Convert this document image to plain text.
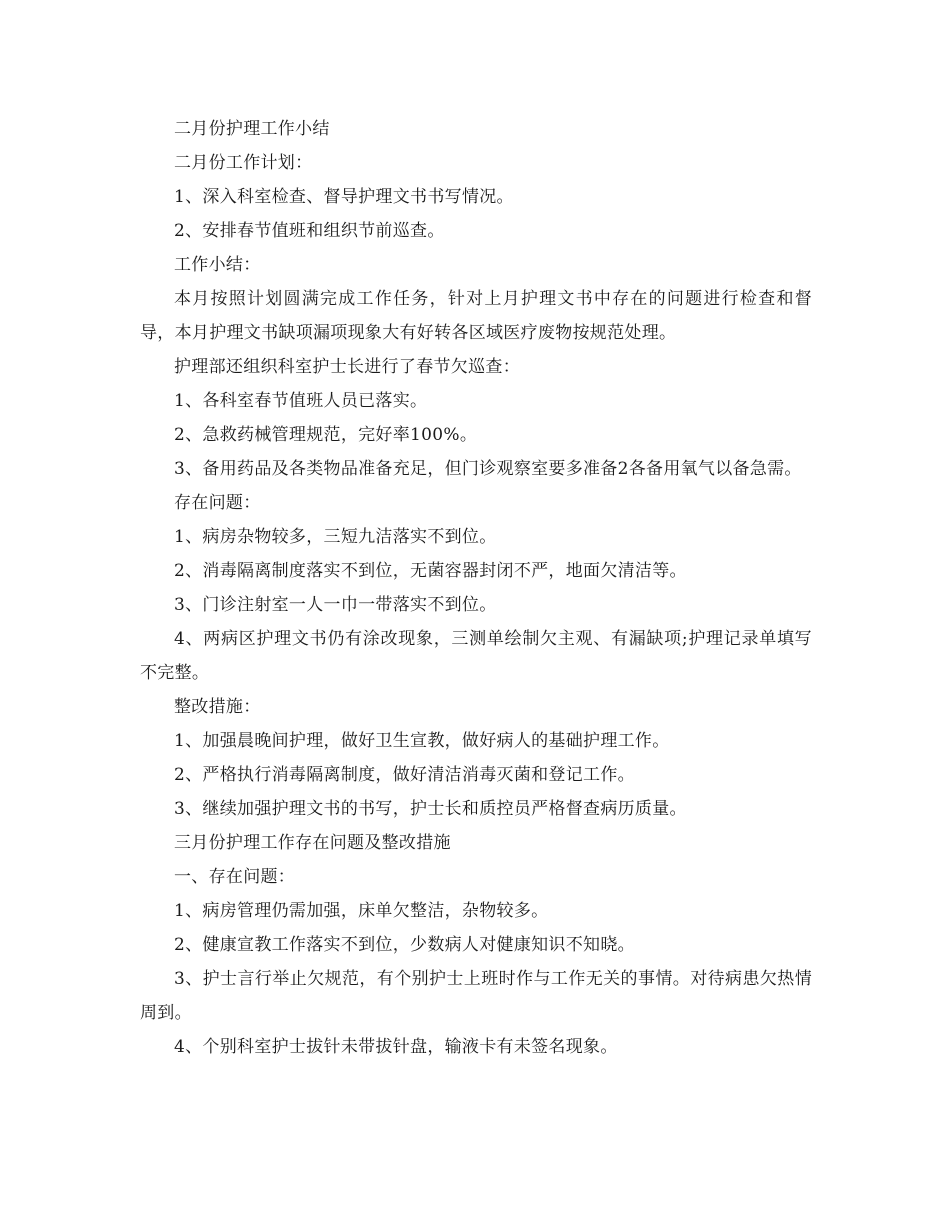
二月份护理工作小结

二月份工作计划：

1、深入科室检查、督导护理文书书写情况。

2、安排春节值班和组织节前巡查。

工作小结：

本月按照计划圆满完成工作任务，针对上月护理文书中存在的问题进行检查和督导，本月护理文书缺项漏项现象大有好转各区域医疗废物按规范处理。

护理部还组织科室护士长进行了春节欠巡查：

1、各科室春节值班人员已落实。

2、急救药械管理规范，完好率100%。

3、备用药品及各类物品准备充足，但门诊观察室要多准备2各备用氧气以备急需。

存在问题：

1、病房杂物较多，三短九洁落实不到位。

2、消毒隔离制度落实不到位，无菌容器封闭不严，地面欠清洁等。

3、门诊注射室一人一巾一带落实不到位。

4、两病区护理文书仍有涂改现象，三测单绘制欠主观、有漏缺项;护理记录单填写不完整。

整改措施：

1、加强晨晚间护理，做好卫生宣教，做好病人的基础护理工作。

2、严格执行消毒隔离制度，做好清洁消毒灭菌和登记工作。

3、继续加强护理文书的书写，护士长和质控员严格督查病历质量。

三月份护理工作存在问题及整改措施

一、存在问题：

1、病房管理仍需加强，床单欠整洁，杂物较多。

2、健康宣教工作落实不到位，少数病人对健康知识不知晓。

3、护士言行举止欠规范，有个别护士上班时作与工作无关的事情。对待病患欠热情周到。

4、个别科室护士拔针未带拔针盘，输液卡有未签名现象。
